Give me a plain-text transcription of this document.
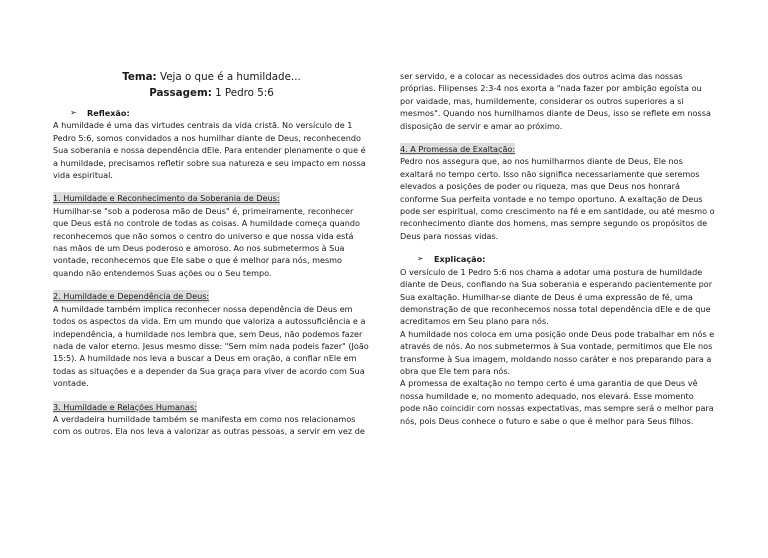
Tema: Veja o que é a humildade...
Passagem: 1 Pedro 5:6
➢	Reflexão:

A humildade é uma das virtudes centrais da vida cristã. No versículo de 1 Pedro 5:6, somos convidados a nos humilhar diante de Deus, reconhecendo Sua soberania e nossa dependência dEle. Para entender plenamente o que é a humildade, precisamos refletir sobre sua natureza e seu impacto em nossa vida espiritual.

1. Humildade e Reconhecimento da Soberania de Deus:

Humilhar-se "sob a poderosa mão de Deus" é, primeiramente, reconhecer que Deus está no controle de todas as coisas. A humildade começa quando reconhecemos que não somos o centro do universo e que nossa vida está nas mãos de um Deus poderoso e amoroso. Ao nos submetermos à Sua vontade, reconhecemos que Ele sabe o que é melhor para nós, mesmo quando não entendemos Suas ações ou o Seu tempo.

2. Humildade e Dependência de Deus:

A humildade também implica reconhecer nossa dependência de Deus em todos os aspectos da vida. Em um mundo que valoriza a autossuficiência e a independência, a humildade nos lembra que, sem Deus, não podemos fazer nada de valor eterno. Jesus mesmo disse: "Sem mim nada podeis fazer" (João 15:5). A humildade nos leva a buscar a Deus em oração, a confiar nEle em todas as situações e a depender da Sua graça para viver de acordo com Sua vontade.

3. Humildade e Relações Humanas:

A verdadeira humildade também se manifesta em como nos relacionamos com os outros. Ela nos leva a valorizar as outras pessoas, a servir em vez de

ser servido, e a colocar as necessidades dos outros acima das nossas próprias. Filipenses 2:3-4 nos exorta a "nada fazer por ambição egoísta ou por vaidade, mas, humildemente, considerar os outros superiores a si mesmos". Quando nos humilhamos diante de Deus, isso se reflete em nossa disposição de servir e amar ao próximo.

4. A Promessa de Exaltação:

Pedro nos assegura que, ao nos humilharmos diante de Deus, Ele nos exaltará no tempo certo. Isso não significa necessariamente que seremos elevados a posições de poder ou riqueza, mas que Deus nos honrará conforme Sua perfeita vontade e no tempo oportuno. A exaltação de Deus pode ser espiritual, como crescimento na fé e em santidade, ou até mesmo o reconhecimento diante dos homens, mas sempre segundo os propósitos de Deus para nossas vidas.

➢	Explicação:

O versículo de 1 Pedro 5:6 nos chama a adotar uma postura de humildade diante de Deus, confiando na Sua soberania e esperando pacientemente por Sua exaltação. Humilhar-se diante de Deus é uma expressão de fé, uma demonstração de que reconhecemos nossa total dependência dEle e de que acreditamos em Seu plano para nós.

A humildade nos coloca em uma posição onde Deus pode trabalhar em nós e através de nós. Ao nos submetermos à Sua vontade, permitimos que Ele nos transforme à Sua imagem, moldando nosso caráter e nos preparando para a obra que Ele tem para nós.

A promessa de exaltação no tempo certo é uma garantia de que Deus vê nossa humildade e, no momento adequado, nos elevará. Esse momento pode não coincidir com nossas expectativas, mas sempre será o melhor para nós, pois Deus conhece o futuro e sabe o que é melhor para Seus filhos.
